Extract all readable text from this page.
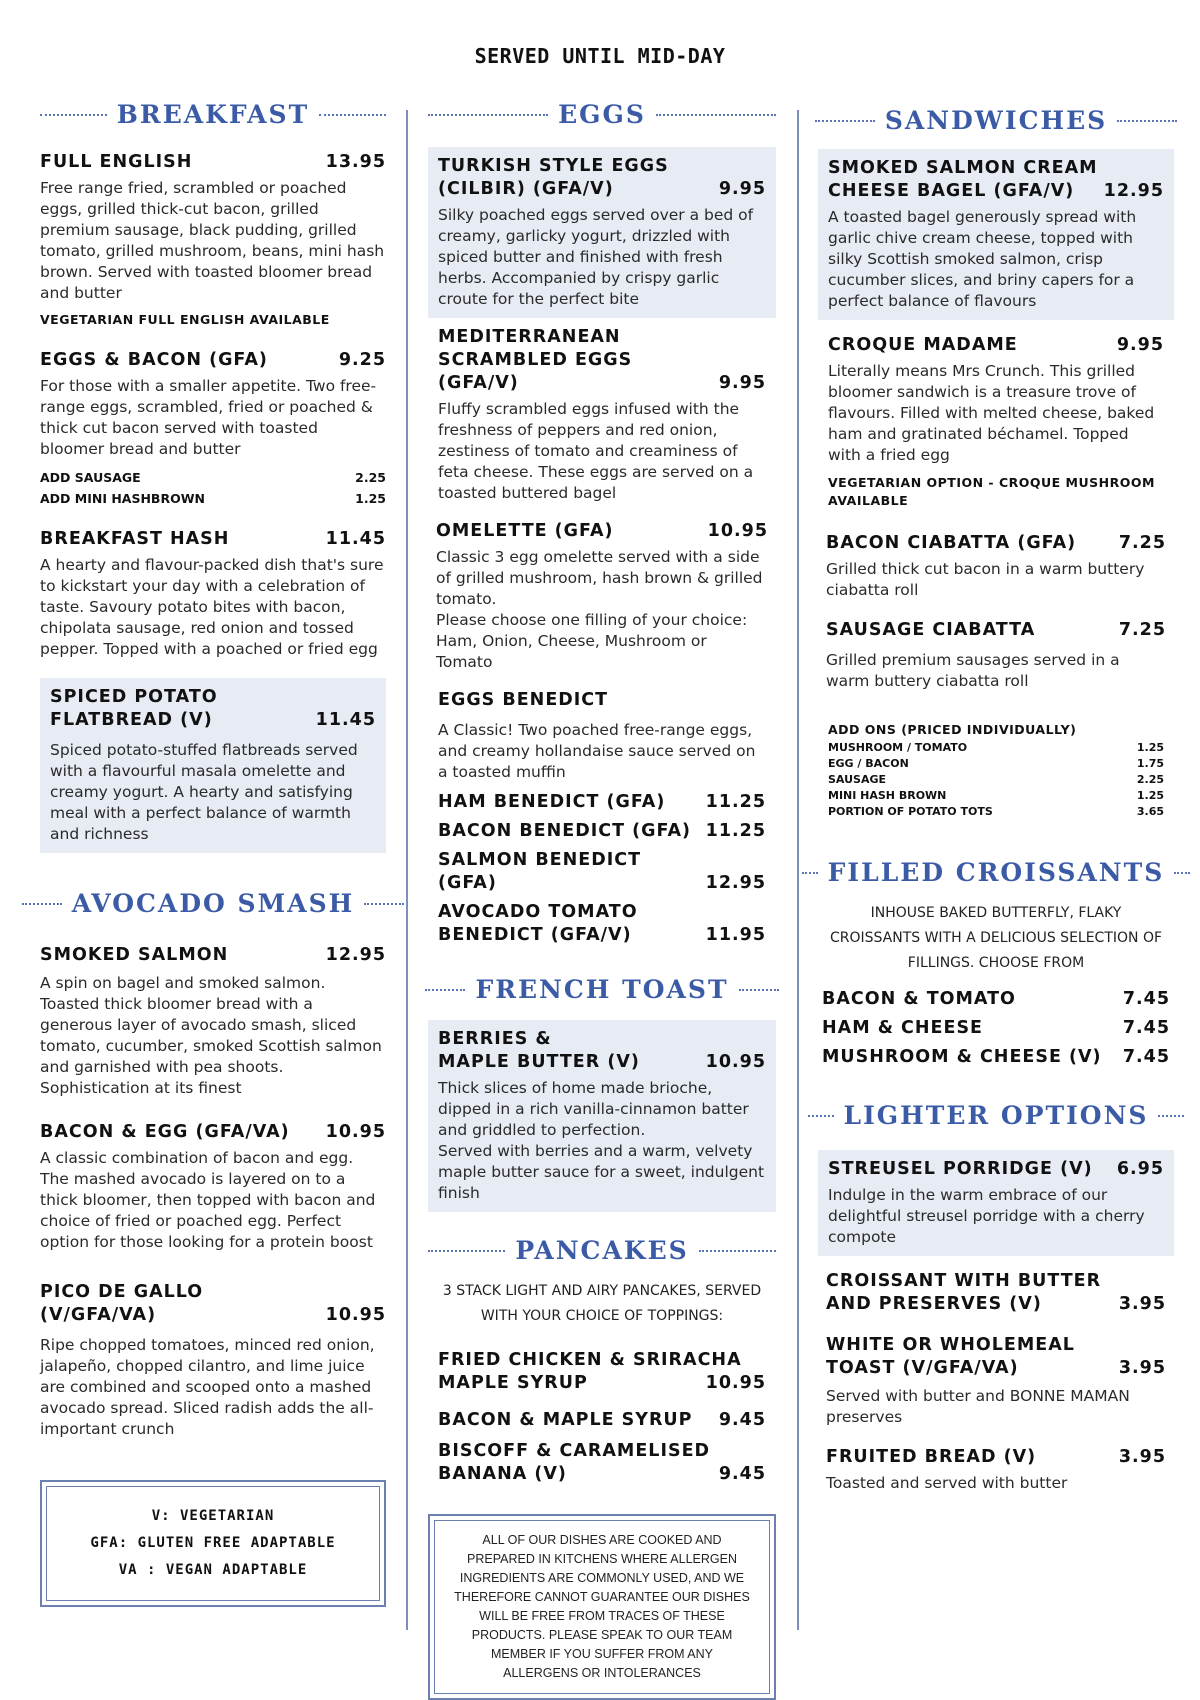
SERVED UNTIL MID-DAY
BREAKFAST
FULL ENGLISH	13.95
Free range fried, scrambled or poached eggs, grilled thick-cut bacon, grilled premium sausage, black pudding, grilled tomato, grilled mushroom, beans, mini hash brown. Served with toasted bloomer bread and butter
VEGETARIAN FULL ENGLISH AVAILABLE
EGGS & BACON (GFA)	9.25
For those with a smaller appetite. Two free-range eggs, scrambled, fried or poached & thick cut bacon served with toasted bloomer bread and butter
ADD SAUSAGE	2.25
ADD MINI HASHBROWN	1.25
BREAKFAST HASH	11.45
A hearty and flavour-packed dish that's sure to kickstart your day with a celebration of taste. Savoury potato bites with bacon, chipolata sausage, red onion and tossed pepper. Topped with a poached or fried egg
SPICED POTATO
FLATBREAD (V)	11.45
Spiced potato-stuffed flatbreads served with a flavourful masala omelette and creamy yogurt. A hearty and satisfying meal with a perfect balance of warmth and richness
AVOCADO SMASH
SMOKED SALMON	12.95
A spin on bagel and smoked salmon. Toasted thick bloomer bread with a generous layer of avocado smash, sliced tomato, cucumber, smoked Scottish salmon and garnished with pea shoots. Sophistication at its finest
BACON & EGG (GFA/VA) 10.95
A classic combination of bacon and egg. The mashed avocado is layered on to a thick bloomer, then topped with bacon and choice of fried or poached egg. Perfect option for those looking for a protein boost
PICO DE GALLO (V/GFA/VA)	10.95
Ripe chopped tomatoes, minced red onion, jalapeño, chopped cilantro, and lime juice are combined and scooped onto a mashed avocado spread. Sliced radish adds the all-important crunch
V: VEGETARIAN
GFA: GLUTEN FREE ADAPTABLE
VA : VEGAN ADAPTABLE
EGGS
TURKISH STYLE EGGS
(CILBIR) (GFA/V)	9.95
Silky poached eggs served over a bed of creamy, garlicky yogurt, drizzled with spiced butter and finished with fresh herbs. Accompanied by crispy garlic croute for the perfect bite
MEDITERRANEAN
SCRAMBLED EGGS (GFA/V)	9.95
Fluffy scrambled eggs infused with the freshness of peppers and red onion, zestiness of tomato and creaminess of feta cheese. These eggs are served on a toasted buttered bagel
OMELETTE (GFA)	10.95
Classic 3 egg omelette served with a side of grilled mushroom, hash brown & grilled tomato.
Please choose one filling of your choice: Ham, Onion, Cheese, Mushroom or Tomato
EGGS BENEDICT
A Classic! Two poached free-range eggs, and creamy hollandaise sauce served on a toasted muffin
HAM BENEDICT (GFA) 11.25
BACON BENEDICT (GFA) 11.25
SALMON BENEDICT (GFA)	12.95
AVOCADO TOMATO
BENEDICT (GFA/V)	11.95
FRENCH TOAST
BERRIES &
MAPLE BUTTER (V)	10.95
Thick slices of home made brioche, dipped in a rich vanilla-cinnamon batter and griddled to perfection.
Served with berries and a warm, velvety maple butter sauce for a sweet, indulgent finish
PANCAKES
3 STACK LIGHT AND AIRY PANCAKES, SERVED WITH YOUR CHOICE OF TOPPINGS:
FRIED CHICKEN & SRIRACHA
MAPLE SYRUP	10.95
BACON & MAPLE SYRUP 9.45
BISCOFF & CARAMELISED
BANANA (V)	9.45
ALL OF OUR DISHES ARE COOKED AND PREPARED IN KITCHENS WHERE ALLERGEN INGREDIENTS ARE COMMONLY USED, AND WE THEREFORE CANNOT GUARANTEE OUR DISHES WILL BE FREE FROM TRACES OF THESE PRODUCTS. PLEASE SPEAK TO OUR TEAM MEMBER IF YOU SUFFER FROM ANY ALLERGENS OR INTOLERANCES
SANDWICHES
SMOKED SALMON CREAM
CHEESE BAGEL (GFA/V) 12.95
A toasted bagel generously spread with garlic chive cream cheese, topped with silky Scottish smoked salmon, crisp cucumber slices, and briny capers for a perfect balance of flavours
CROQUE MADAME	9.95
Literally means Mrs Crunch. This grilled bloomer sandwich is a treasure trove of flavours. Filled with melted cheese, baked ham and gratinated béchamel. Topped with a fried egg
VEGETARIAN OPTION - CROQUE MUSHROOM AVAILABLE
BACON CIABATTA (GFA) 7.25
Grilled thick cut bacon in a warm buttery ciabatta roll
SAUSAGE CIABATTA	7.25
Grilled premium sausages served in a warm buttery ciabatta roll
ADD ONS (PRICED INDIVIDUALLY)
MUSHROOM / TOMATO	1.25
EGG / BACON	1.75
SAUSAGE	2.25
MINI HASH BROWN	1.25
PORTION OF POTATO TOTS	3.65
FILLED CROISSANTS
INHOUSE BAKED BUTTERFLY, FLAKY CROISSANTS WITH A DELICIOUS SELECTION OF FILLINGS. CHOOSE FROM
BACON & TOMATO	7.45
HAM & CHEESE	7.45
MUSHROOM & CHEESE (V) 7.45
LIGHTER OPTIONS
STREUSEL PORRIDGE (V) 6.95
Indulge in the warm embrace of our delightful streusel porridge with a cherry compote
CROISSANT WITH BUTTER
AND PRESERVES (V)	3.95
WHITE OR WHOLEMEAL
TOAST (V/GFA/VA)	3.95
Served with butter and BONNE MAMAN preserves
FRUITED BREAD (V)	3.95
Toasted and served with butter
